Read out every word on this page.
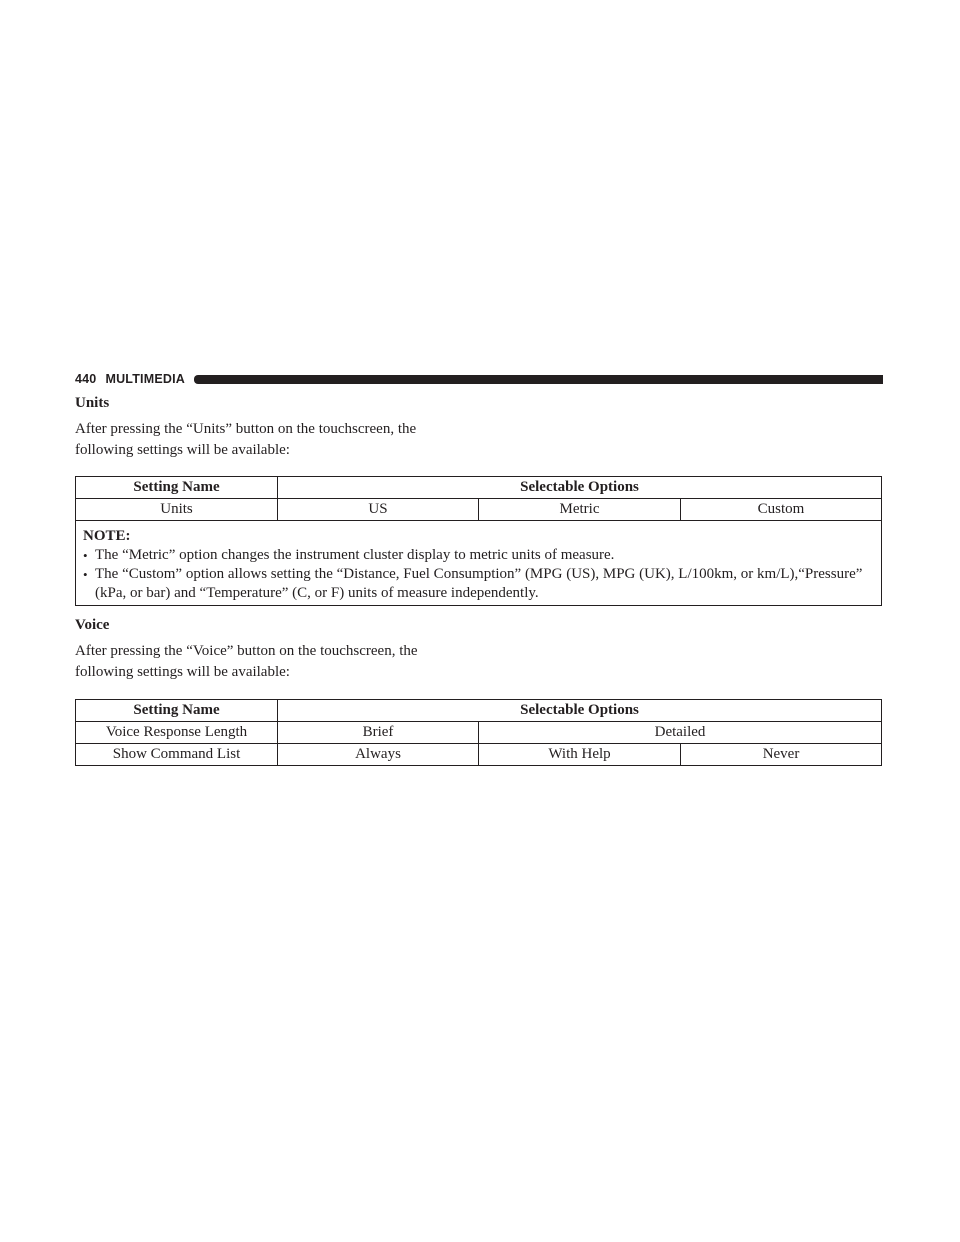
440 MULTIMEDIA
Units
After pressing the “Units” button on the touchscreen, the
following settings will be available:
Setting Name	Selectable Options		
Units	US	Metric	Custom

NOTE:
• The “Metric” option changes the instrument cluster display to metric units of measure.
• The “Custom” option allows setting the “Distance, Fuel Consumption” (MPG (US), MPG (UK), L/100km, or km/L),“Pressure” (kPa, or bar) and “Temperature” (C, or F) units of measure independently.			
Voice
After pressing the “Voice” button on the touchscreen, the
following settings will be available:
Setting Name	Selectable Options		
Voice Response Length	Brief	Detailed	
Show Command List	Always	With Help	Never
